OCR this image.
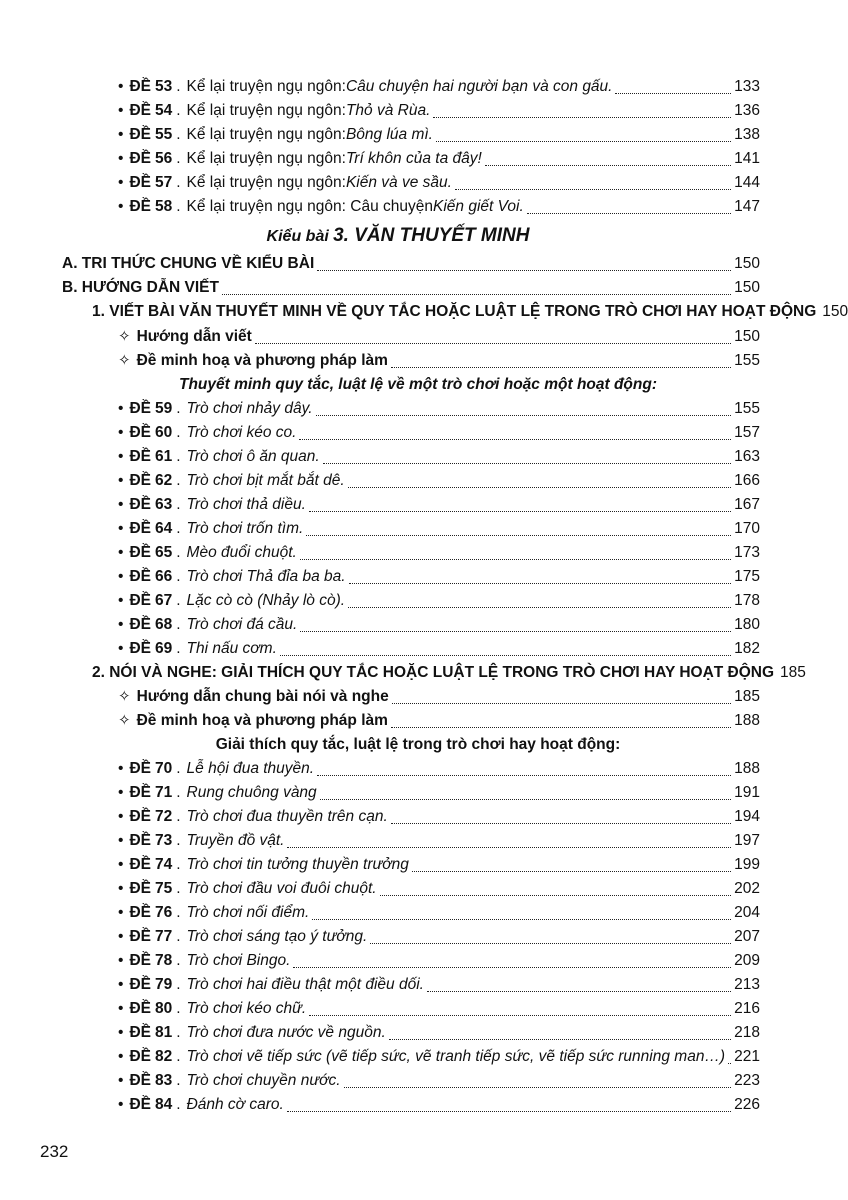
• ĐỀ 53 . Kể lại truyện ngụ ngôn: Câu chuyện hai người bạn và con gấu.	133
• ĐỀ 54 . Kể lại truyện ngụ ngôn: Thỏ và Rùa.	136
• ĐỀ 55 . Kể lại truyện ngụ ngôn: Bông lúa mì.	138
• ĐỀ 56 . Kể lại truyện ngụ ngôn: Trí khôn của ta đây!	141
• ĐỀ 57 . Kể lại truyện ngụ ngôn: Kiến và ve sầu.	144
• ĐỀ 58 . Kể lại truyện ngụ ngôn: Câu chuyện Kiến giết Voi.	147
Kiểu bài 3. VĂN THUYẾT MINH
A. TRI THỨC CHUNG VỀ KIỂU BÀI	150
B. HƯỚNG DẪN VIẾT	150
1. VIẾT BÀI VĂN THUYẾT MINH VỀ QUY TẮC HOẶC LUẬT LỆ TRONG TRÒ CHƠI HAY HOẠT ĐỘNG 150
✧ Hướng dẫn viết	150
✧ Đề minh hoạ và phương pháp làm	155
Thuyết minh quy tắc, luật lệ về một trò chơi hoặc một hoạt động:
• ĐỀ 59 . Trò chơi nhảy dây.	155
• ĐỀ 60 . Trò chơi kéo co.	157
• ĐỀ 61 . Trò chơi ô ăn quan.	163
• ĐỀ 62 . Trò chơi bịt mắt bắt dê.	166
• ĐỀ 63 . Trò chơi thả diều.	167
• ĐỀ 64 . Trò chơi trốn tìm.	170
• ĐỀ 65 . Mèo đuổi chuột.	173
• ĐỀ 66 . Trò chơi Thả đỉa ba ba.	175
• ĐỀ 67 . Lặc cò cò (Nhảy lò cò).	178
• ĐỀ 68 . Trò chơi đá cầu.	180
• ĐỀ 69 . Thi nấu cơm.	182
2. NÓI VÀ NGHE: GIẢI THÍCH QUY TẮC HOẶC LUẬT LỆ TRONG TRÒ CHƠI HAY HOẠT ĐỘNG 185
✧ Hướng dẫn chung bài nói và nghe	185
✧ Đề minh hoạ và phương pháp làm	188
Giải thích quy tắc, luật lệ trong trò chơi hay hoạt động:
• ĐỀ 70 . Lễ hội đua thuyền.	188
• ĐỀ 71 . Rung chuông vàng	191
• ĐỀ 72 . Trò chơi đua thuyền trên cạn.	194
• ĐỀ 73 . Truyền đồ vật.	197
• ĐỀ 74 . Trò chơi tin tưởng thuyền trưởng	199
• ĐỀ 75 . Trò chơi đầu voi đuôi chuột.	202
• ĐỀ 76 . Trò chơi nối điểm.	204
• ĐỀ 77 . Trò chơi sáng tạo ý tưởng.	207
• ĐỀ 78 . Trò chơi Bingo.	209
• ĐỀ 79 . Trò chơi hai điều thật một điều dối.	213
• ĐỀ 80 . Trò chơi kéo chữ.	216
• ĐỀ 81 . Trò chơi đưa nước về nguồn.	218
• ĐỀ 82 . Trò chơi vẽ tiếp sức (vẽ tiếp sức, vẽ tranh tiếp sức, vẽ tiếp sức running man…) 221
• ĐỀ 83 . Trò chơi chuyền nước.	223
• ĐỀ 84 . Đánh cờ caro.	226
232
